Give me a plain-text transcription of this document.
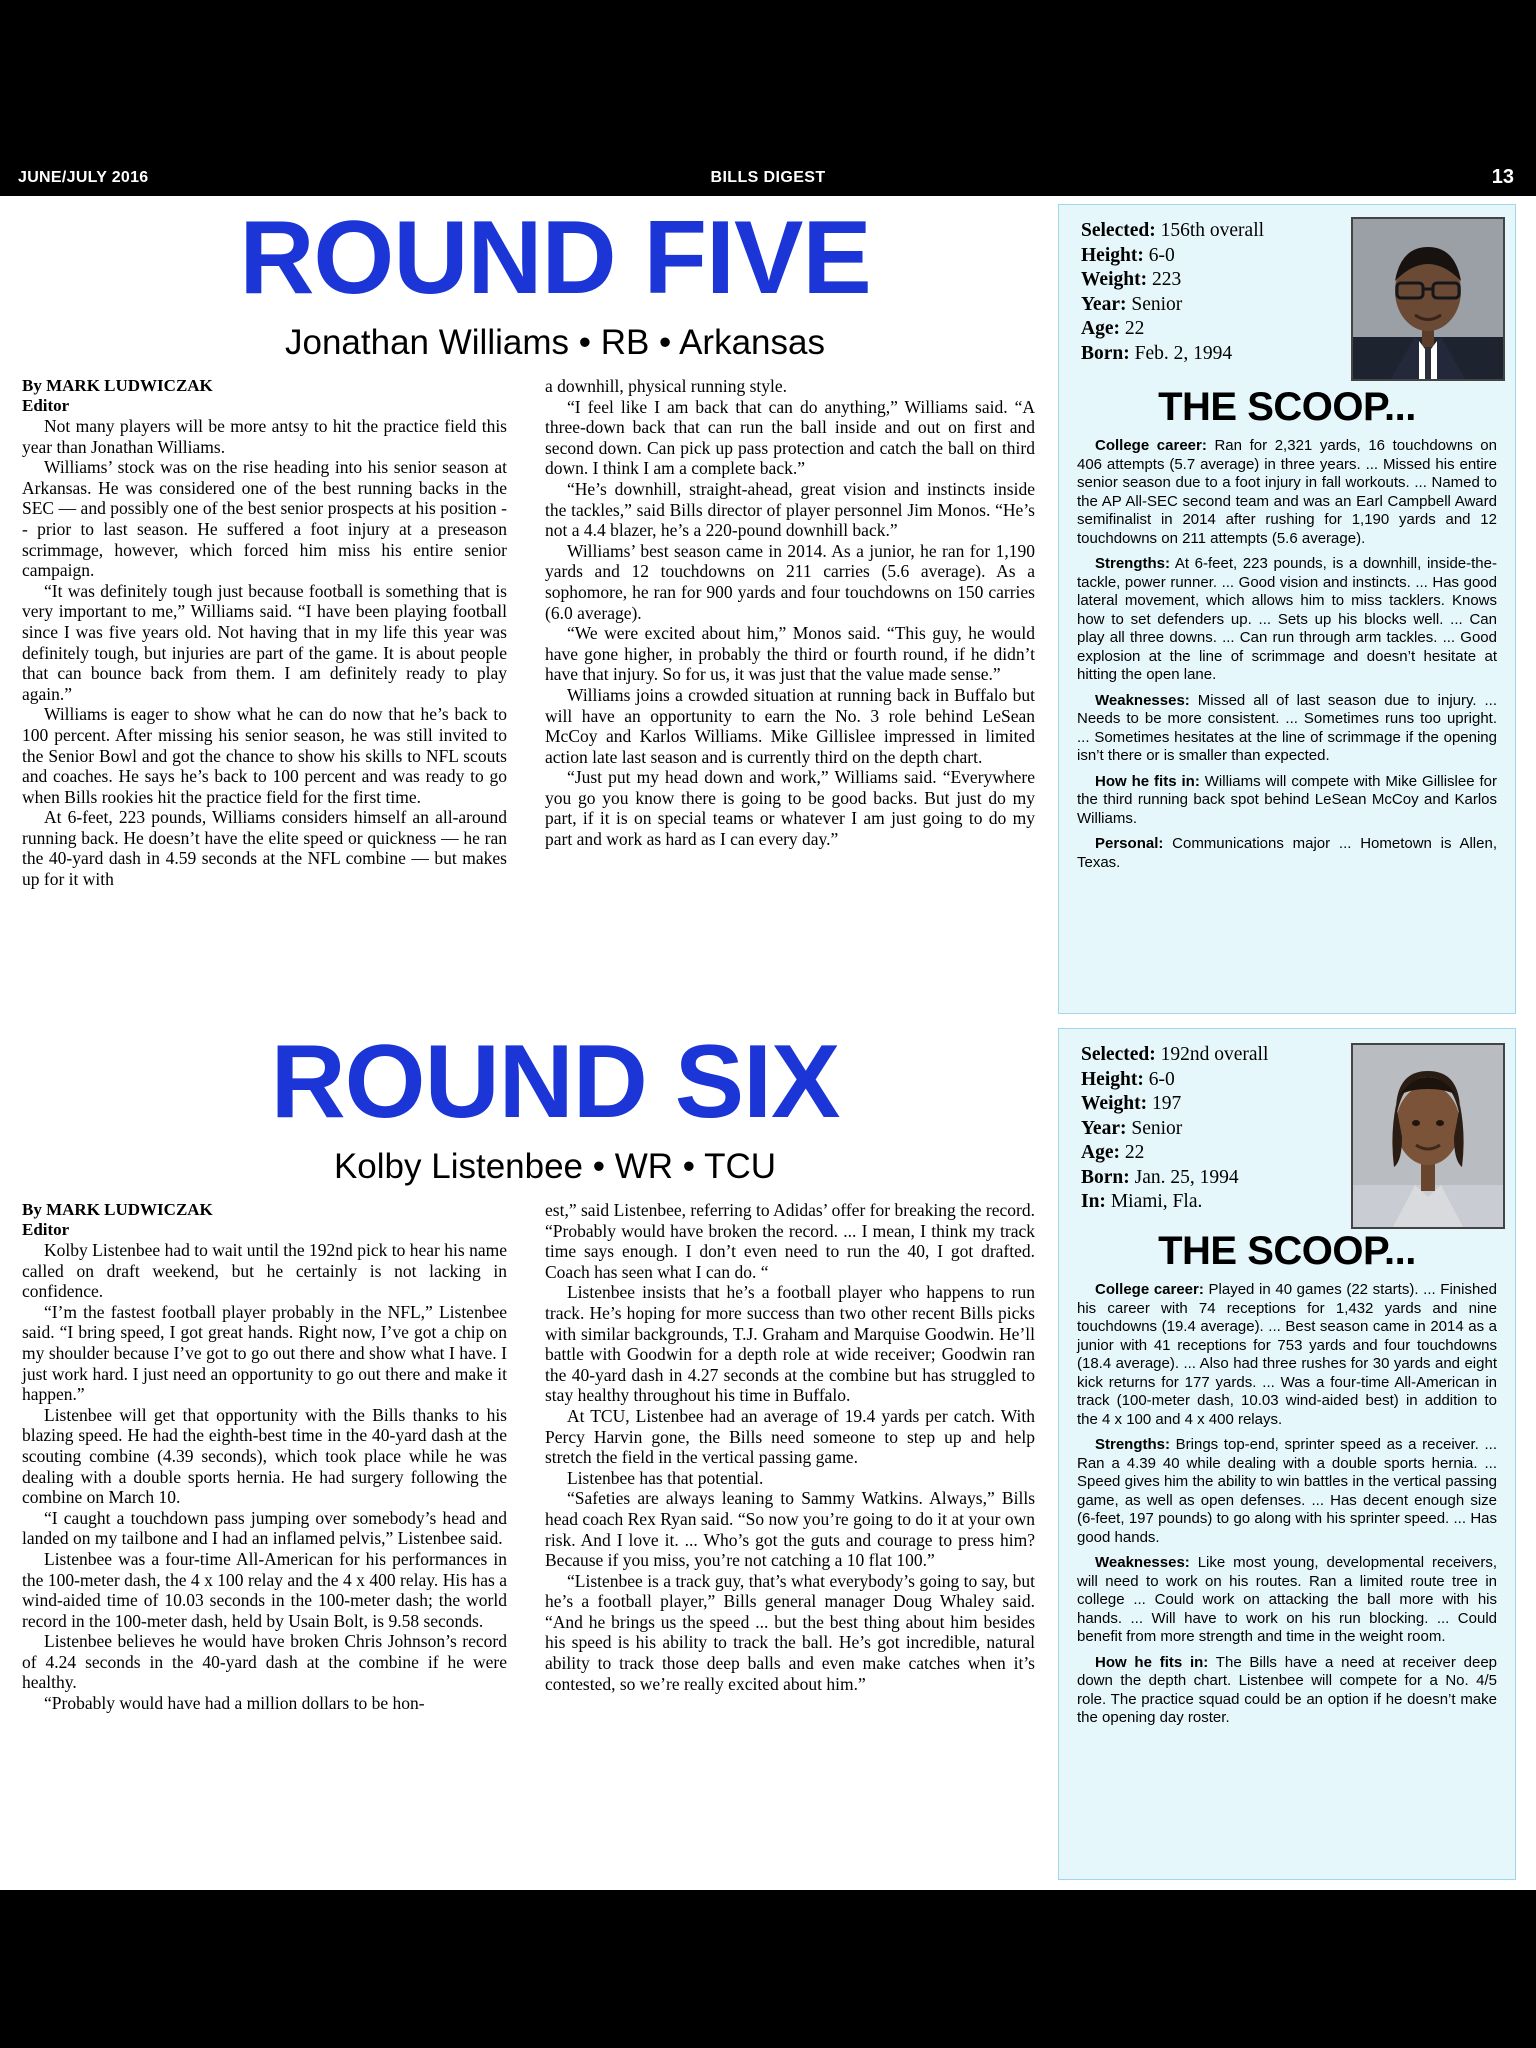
JUNE/JULY 2016	BILLS DIGEST	13
ROUND FIVE
Jonathan Williams • RB • Arkansas
By MARK LUDWICZAK
Editor

Not many players will be more antsy to hit the practice field this year than Jonathan Williams.

Williams’ stock was on the rise heading into his senior season at Arkansas. He was considered one of the best running backs in the SEC — and possibly one of the best senior prospects at his position -- prior to last season. He suffered a foot injury at a preseason scrimmage, however, which forced him miss his entire senior campaign.

“It was definitely tough just because football is something that is very important to me,” Williams said. “I have been playing football since I was five years old. Not having that in my life this year was definitely tough, but injuries are part of the game. It is about people that can bounce back from them. I am definitely ready to play again.”

Williams is eager to show what he can do now that he’s back to 100 percent. After missing his senior season, he was still invited to the Senior Bowl and got the chance to show his skills to NFL scouts and coaches. He says he’s back to 100 percent and was ready to go when Bills rookies hit the practice field for the first time.

At 6-feet, 223 pounds, Williams considers himself an all-around running back. He doesn’t have the elite speed or quickness — he ran the 40-yard dash in 4.59 seconds at the NFL combine — but makes up for it with

a downhill, physical running style.

“I feel like I am back that can do anything,” Williams said. “A three-down back that can run the ball inside and out on first and second down. Can pick up pass protection and catch the ball on third down. I think I am a complete back.”

“He’s downhill, straight-ahead, great vision and instincts inside the tackles,” said Bills director of player personnel Jim Monos. “He’s not a 4.4 blazer, he’s a 220-pound downhill back.”

Williams’ best season came in 2014. As a junior, he ran for 1,190 yards and 12 touchdowns on 211 carries (5.6 average). As a sophomore, he ran for 900 yards and four touchdowns on 150 carries (6.0 average).

“We were excited about him,” Monos said. “This guy, he would have gone higher, in probably the third or fourth round, if he didn’t have that injury. So for us, it was just that the value made sense.”

Williams joins a crowded situation at running back in Buffalo but will have an opportunity to earn the No. 3 role behind LeSean McCoy and Karlos Williams. Mike Gillislee impressed in limited action late last season and is currently third on the depth chart.

“Just put my head down and work,” Williams said. “Everywhere you go you know there is going to be good backs. But just do my part, if it is on special teams or whatever I am just going to do my part and work as hard as I can every day.”

Selected: 156th overall
Height: 6-0
Weight: 223
Year: Senior
Age: 22
Born: Feb. 2, 1994
THE SCOOP...

College career: Ran for 2,321 yards, 16 touchdowns on 406 attempts (5.7 average) in three years. ... Missed his entire senior season due to a foot injury in fall workouts. ... Named to the AP All-SEC second team and was an Earl Campbell Award semifinalist in 2014 after rushing for 1,190 yards and 12 touchdowns on 211 attempts (5.6 average).

Strengths: At 6-feet, 223 pounds, is a downhill, inside-the-tackle, power runner. ... Good vision and instincts. ... Has good lateral movement, which allows him to miss tacklers. Knows how to set defenders up. ... Sets up his blocks well. ... Can play all three downs. ... Can run through arm tackles. ... Good explosion at the line of scrimmage and doesn’t hesitate at hitting the open lane.

Weaknesses: Missed all of last season due to injury. ... Needs to be more consistent. ... Sometimes runs too upright. ... Sometimes hesitates at the line of scrimmage if the opening isn’t there or is smaller than expected.

How he fits in: Williams will compete with Mike Gillislee for the third running back spot behind LeSean McCoy and Karlos Williams.

Personal: Communications major ... Hometown is Allen, Texas.

ROUND SIX
Kolby Listenbee • WR • TCU
By MARK LUDWICZAK
Editor

Kolby Listenbee had to wait until the 192nd pick to hear his name called on draft weekend, but he certainly is not lacking in confidence.

“I’m the fastest football player probably in the NFL,” Listenbee said. “I bring speed, I got great hands. Right now, I’ve got a chip on my shoulder because I’ve got to go out there and show what I have. I just work hard. I just need an opportunity to go out there and make it happen.”

Listenbee will get that opportunity with the Bills thanks to his blazing speed. He had the eighth-best time in the 40-yard dash at the scouting combine (4.39 seconds), which took place while he was dealing with a double sports hernia. He had surgery following the combine on March 10.

“I caught a touchdown pass jumping over somebody’s head and landed on my tailbone and I had an inflamed pelvis,” Listenbee said.

Listenbee was a four-time All-American for his performances in the 100-meter dash, the 4 x 100 relay and the 4 x 400 relay. His has a wind-aided time of 10.03 seconds in the 100-meter dash; the world record in the 100-meter dash, held by Usain Bolt, is 9.58 seconds.

Listenbee believes he would have broken Chris Johnson’s record of 4.24 seconds in the 40-yard dash at the combine if he were healthy.

“Probably would have had a million dollars to be hon-

est,” said Listenbee, referring to Adidas’ offer for breaking the record. “Probably would have broken the record. ... I mean, I think my track time says enough. I don’t even need to run the 40, I got drafted. Coach has seen what I can do. “

Listenbee insists that he’s a football player who happens to run track. He’s hoping for more success than two other recent Bills picks with similar backgrounds, T.J. Graham and Marquise Goodwin. He’ll battle with Goodwin for a depth role at wide receiver; Goodwin ran the 40-yard dash in 4.27 seconds at the combine but has struggled to stay healthy throughout his time in Buffalo.

At TCU, Listenbee had an average of 19.4 yards per catch. With Percy Harvin gone, the Bills need someone to step up and help stretch the field in the vertical passing game.

Listenbee has that potential.

“Safeties are always leaning to Sammy Watkins. Always,” Bills head coach Rex Ryan said. “So now you’re going to do it at your own risk. And I love it. ... Who’s got the guts and courage to press him? Because if you miss, you’re not catching a 10 flat 100.”

“Listenbee is a track guy, that’s what everybody’s going to say, but he’s a football player,” Bills general manager Doug Whaley said. “And he brings us the speed ... but the best thing about him besides his speed is his ability to track the ball. He’s got incredible, natural ability to track those deep balls and even make catches when it’s contested, so we’re really excited about him.”

Selected: 192nd overall
Height: 6-0
Weight: 197
Year: Senior
Age: 22
Born: Jan. 25, 1994
In: Miami, Fla.
THE SCOOP...

College career: Played in 40 games (22 starts). ... Finished his career with 74 receptions for 1,432 yards and nine touchdowns (19.4 average). ... Best season came in 2014 as a junior with 41 receptions for 753 yards and four touchdowns (18.4 average). ... Also had three rushes for 30 yards and eight kick returns for 177 yards. ... Was a four-time All-American in track (100-meter dash, 10.03 wind-aided best) in addition to the 4 x 100 and 4 x 400 relays.

Strengths: Brings top-end, sprinter speed as a receiver. ... Ran a 4.39 40 while dealing with a double sports hernia. ... Speed gives him the ability to win battles in the vertical passing game, as well as open defenses. ... Has decent enough size (6-feet, 197 pounds) to go along with his sprinter speed. ... Has good hands.

Weaknesses: Like most young, developmental receivers, will need to work on his routes. Ran a limited route tree in college ... Could work on attacking the ball more with his hands. ... Will have to work on his run blocking. ... Could benefit from more strength and time in the weight room.

How he fits in: The Bills have a need at receiver deep down the depth chart. Listenbee will compete for a No. 4/5 role. The practice squad could be an option if he doesn’t make the opening day roster.
